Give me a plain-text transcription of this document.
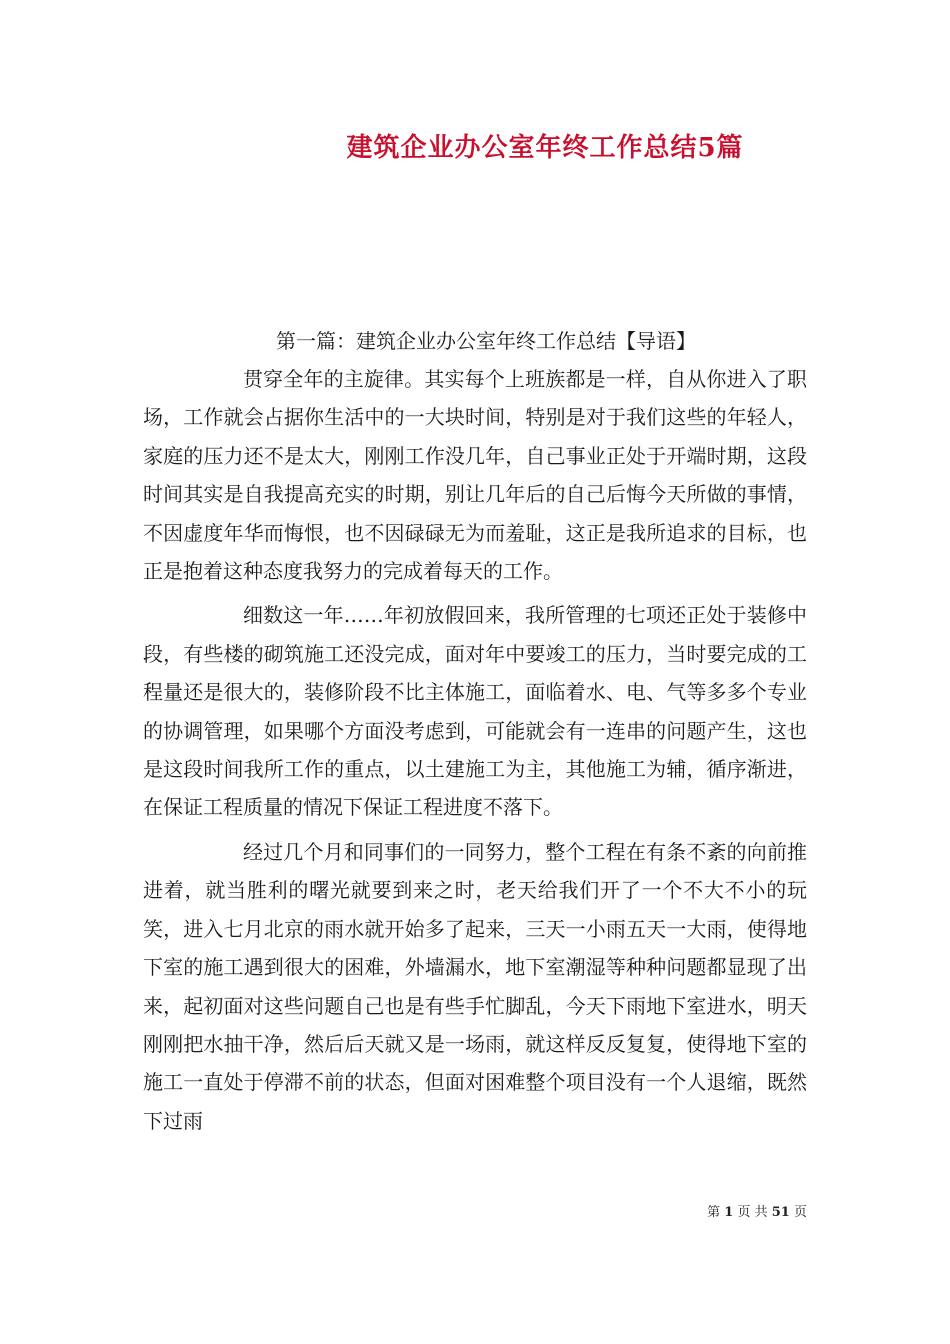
建筑企业办公室年终工作总结5篇
第一篇：建筑企业办公室年终工作总结【导语】

贯穿全年的主旋律。其实每个上班族都是一样，自从你进入了职场，工作就会占据你生活中的一大块时间，特别是对于我们这些的年轻人，家庭的压力还不是太大，刚刚工作没几年，自己事业正处于开端时期，这段时间其实是自我提高充实的时期，别让几年后的自己后悔今天所做的事情，不因虚度年华而悔恨，也不因碌碌无为而羞耻，这正是我所追求的目标，也正是抱着这种态度我努力的完成着每天的工作。

细数这一年……年初放假回来，我所管理的七项还正处于装修中段，有些楼的砌筑施工还没完成，面对年中要竣工的压力，当时要完成的工程量还是很大的，装修阶段不比主体施工，面临着水、电、气等多多个专业的协调管理，如果哪个方面没考虑到，可能就会有一连串的问题产生，这也是这段时间我所工作的重点，以土建施工为主，其他施工为辅，循序渐进，在保证工程质量的情况下保证工程进度不落下。

经过几个月和同事们的一同努力，整个工程在有条不紊的向前推进着，就当胜利的曙光就要到来之时，老天给我们开了一个不大不小的玩笑，进入七月北京的雨水就开始多了起来，三天一小雨五天一大雨，使得地下室的施工遇到很大的困难，外墙漏水，地下室潮湿等种种问题都显现了出来，起初面对这些问题自己也是有些手忙脚乱，今天下雨地下室进水，明天刚刚把水抽干净，然后后天就又是一场雨，就这样反反复复，使得地下室的施工一直处于停滞不前的状态，但面对困难整个项目没有一个人退缩，既然下过雨

第 1 页 共 51 页
